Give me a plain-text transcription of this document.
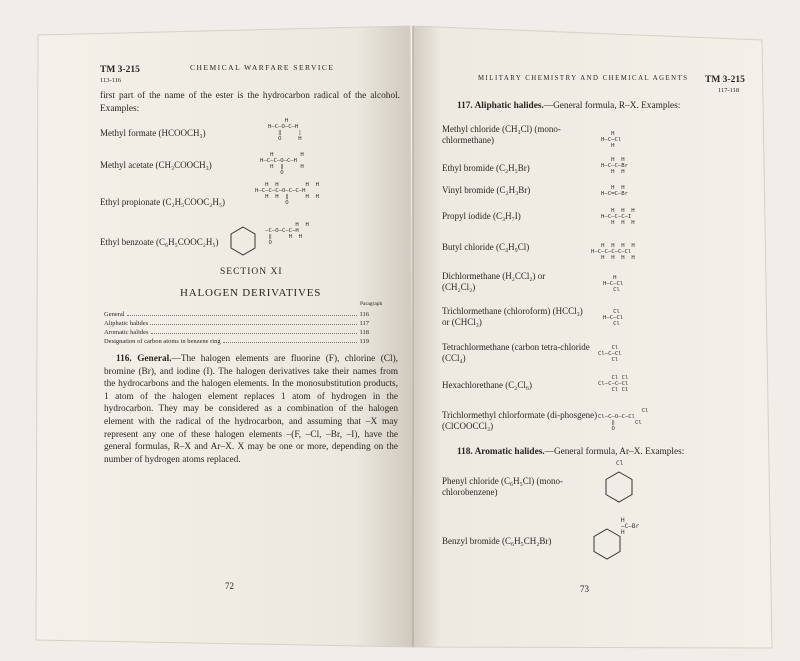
TM 3-215
113-116
CHEMICAL WARFARE SERVICE
first part of the name of the ester is the hydrocarbon radical of the alcohol. Examples:
Methyl formate (HCOOCH₃)
H
H—C—O—C—H
‖     |
O     H
Methyl acetate (CH₃COOCH₃)
H        H
H—C—C—O—C—H
H  ‖     H
O
Ethyl propionate (C₂H₅COOC₂H₅)
H  H        H  H
H—C—C—C—O—C—C—H
H  H  ‖     H  H
O
Ethyl benzoate (C₆H₅COOC₂H₅)
H  H
—C—O—C—C—H
‖     H  H
O
SECTION XI
HALOGEN DERIVATIVES
Paragraph
General	116
Aliphatic halides	117
Aromatic halides	118
Designation of carbon atoms in benzene ring	119
116. General.—The halogen elements are fluorine (F), chlorine (Cl), bromine (Br), and iodine (I). The halogen derivatives take their names from the hydrocarbons and the halogen elements. In the monosubstitution products, 1 atom of the halogen element replaces 1 atom of hydrogen in the hydrocarbon. They may be considered as a combination of the halogen element with the radical of the hydrocarbon, and assuming that –X may represent any one of these halogen elements –(F, –Cl, –Br, –I), have the general formulas, R–X and Ar–X. X may be one or more, depending on the number of hydrogen atoms replaced.
72
MILITARY CHEMISTRY AND CHEMICAL AGENTS TM 3-215
117-118
117. Aliphatic halides.—General formula, R–X. Examples:
Methyl chloride (CH₃Cl) (mono-chlormethane)
H
H—C—Cl
H
Ethyl bromide (C₂H₅Br)
H  H
H—C—C—Br
H  H
Vinyl bromide (C₂H₃Br)	H  H
H—C═C—Br
Propyl iodide (C₃H₇I)	H  H  H
H—C—C—C—I
H  H  H
Butyl chloride (C₄H₉Cl)	H  H  H  H
H—C—C—C—C—Cl
H  H  H  H
Dichlormethane (H₂CCl₂) or (CH₂Cl₂)
H
H—C—Cl
Cl
Trichlormethane (chloroform) (HCCl₃) or (CHCl₃)
Cl
H—C—Cl
Cl
Tetrachlormethane (carbon tetra-chloride (CCl₄)
Cl
Cl—C—Cl
Cl
Hexachlorethane (C₂Cl₆)
Cl Cl
Cl—C—C—Cl
Cl Cl
Trichlormethyl chlorformate (di-phosgene) (ClCOOCCl₃)
Cl
Cl—C—O—C—Cl
‖      Cl
O
118. Aromatic halides.—General formula, Ar–X. Examples:
Phenyl chloride (C₆H₅Cl) (mono-chlorobenzene)
Cl
Benzyl bromide (C₆H₅CH₂Br)
H
—C—Br
H
73
